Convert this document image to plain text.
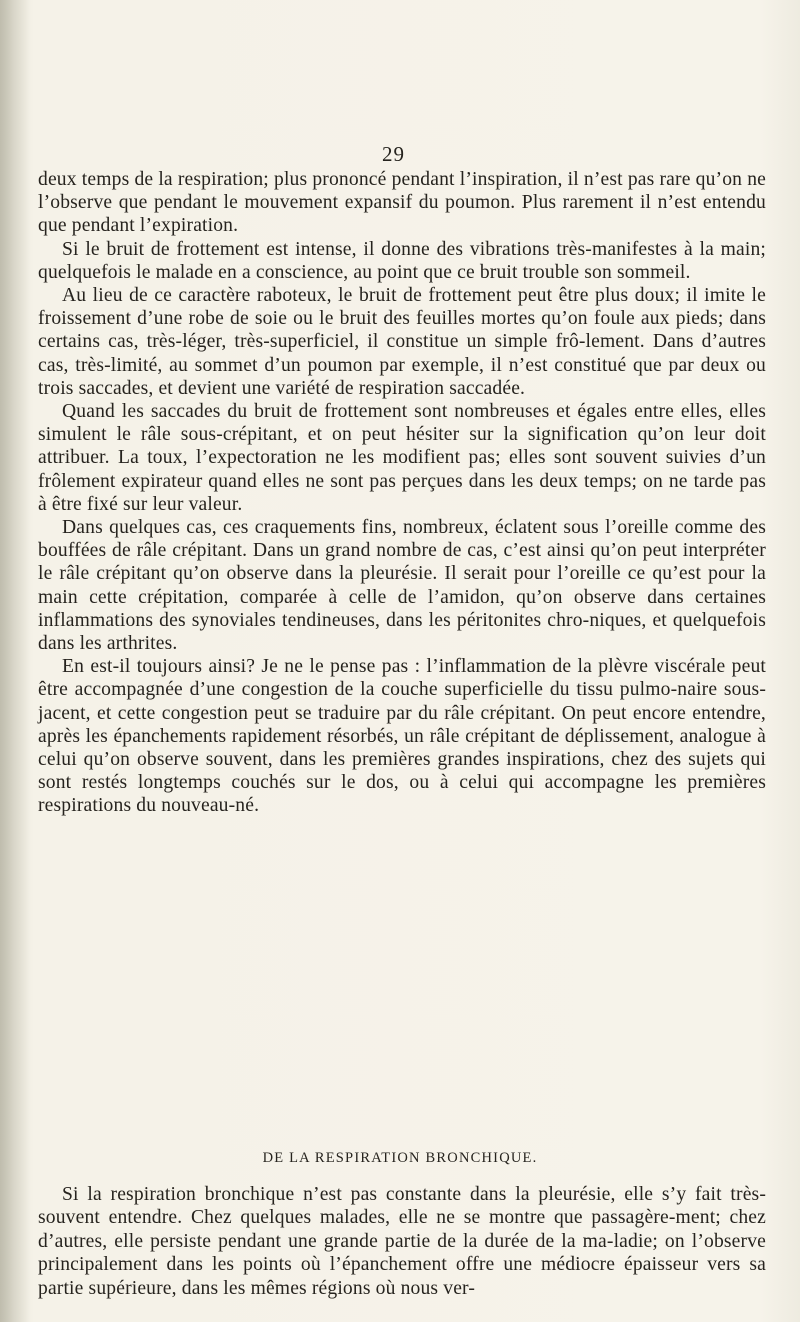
29

deux temps de la respiration; plus prononcé pendant l’inspiration, il n’est pas rare qu’on ne l’observe que pendant le mouvement expansif du poumon. Plus rarement il n’est entendu que pendant l’expiration.

Si le bruit de frottement est intense, il donne des vibrations très-manifestes à la main; quelquefois le malade en a conscience, au point que ce bruit trouble son sommeil.

Au lieu de ce caractère raboteux, le bruit de frottement peut être plus doux; il imite le froissement d’une robe de soie ou le bruit des feuilles mortes qu’on foule aux pieds; dans certains cas, très-léger, très-superficiel, il constitue un simple frô-lement. Dans d’autres cas, très-limité, au sommet d’un poumon par exemple, il n’est constitué que par deux ou trois saccades, et devient une variété de respiration saccadée.

Quand les saccades du bruit de frottement sont nombreuses et égales entre elles, elles simulent le râle sous-crépitant, et on peut hésiter sur la signification qu’on leur doit attribuer. La toux, l’expectoration ne les modifient pas; elles sont souvent suivies d’un frôlement expirateur quand elles ne sont pas perçues dans les deux temps; on ne tarde pas à être fixé sur leur valeur.

Dans quelques cas, ces craquements fins, nombreux, éclatent sous l’oreille comme des bouffées de râle crépitant. Dans un grand nombre de cas, c’est ainsi qu’on peut interpréter le râle crépitant qu’on observe dans la pleurésie. Il serait pour l’oreille ce qu’est pour la main cette crépitation, comparée à celle de l’amidon, qu’on observe dans certaines inflammations des synoviales tendineuses, dans les péritonites chro-niques, et quelquefois dans les arthrites.

En est-il toujours ainsi? Je ne le pense pas : l’inflammation de la plèvre viscérale peut être accompagnée d’une congestion de la couche superficielle du tissu pulmo-naire sous-jacent, et cette congestion peut se traduire par du râle crépitant. On peut encore entendre, après les épanchements rapidement résorbés, un râle crépitant de déplissement, analogue à celui qu’on observe souvent, dans les premières grandes inspirations, chez des sujets qui sont restés longtemps couchés sur le dos, ou à celui qui accompagne les premières respirations du nouveau-né.

DE LA RESPIRATION BRONCHIQUE.

Si la respiration bronchique n’est pas constante dans la pleurésie, elle s’y fait très-souvent entendre. Chez quelques malades, elle ne se montre que passagère-ment; chez d’autres, elle persiste pendant une grande partie de la durée de la ma-ladie; on l’observe principalement dans les points où l’épanchement offre une médiocre épaisseur vers sa partie supérieure, dans les mêmes régions où nous ver-
